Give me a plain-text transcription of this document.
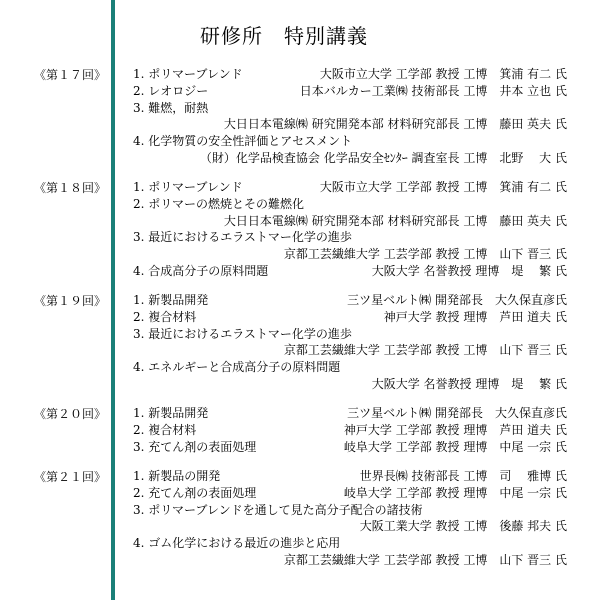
研修所　特別講義
《第１７回》 1. ポリマーブレンド	大阪市立大学 工学部 教授 工博　箕浦 有二 氏
2. レオロジー	日本バルカー工業㈱ 技術部長 工博　井本 立也 氏
3. 難燃，耐熱
大日日本電線㈱ 研究開発本部 材料研究部長 工博　藤田 英夫 氏
4. 化学物質の安全性評価とアセスメント
（財）化学品検査協会 化学品安全ｾﾝﾀｰ 調査室長 工博　北野　 大 氏
《第１８回》 1. ポリマーブレンド	大阪市立大学 工学部 教授 工博　箕浦 有二 氏
2. ポリマーの燃焼とその難燃化
大日日本電線㈱ 研究開発本部 材料研究部長 工博　藤田 英夫 氏
3. 最近におけるエラストマー化学の進歩
京都工芸繊維大学 工芸学部 教授 工博　山下 晋三 氏
4. 合成高分子の原料問題	大阪大学 名誉教授 理博　堤　 繁 氏
《第１９回》 1. 新製品開発	三ツ星ベルト㈱ 開発部長　大久保直彦氏
2. 複合材料	神戸大学 教授 理博　芦田 道夫 氏
3. 最近におけるエラストマー化学の進歩
京都工芸繊維大学 工芸学部 教授 工博　山下 晋三 氏
4. エネルギーと合成高分子の原料問題
大阪大学 名誉教授 理博　堤　 繁 氏
《第２０回》 1. 新製品開発	三ツ星ベルト㈱ 開発部長　大久保直彦氏
2. 複合材料	神戸大学 工学部 教授 理博　芦田 道夫 氏
3. 充てん剤の表面処理	岐阜大学 工学部 教授 理博　中尾 一宗 氏
《第２１回》 1. 新製品の開発	世界長㈱ 技術部長 工博　司　 雅博 氏
2. 充てん剤の表面処理	岐阜大学 工学部 教授 理博　中尾 一宗 氏
3. ポリマーブレンドを通して見た高分子配合の諸技術
大阪工業大学 教授 工博　後藤 邦夫 氏
4. ゴム化学における最近の進歩と応用
京都工芸繊維大学 工芸学部 教授 工博　山下 晋三 氏
